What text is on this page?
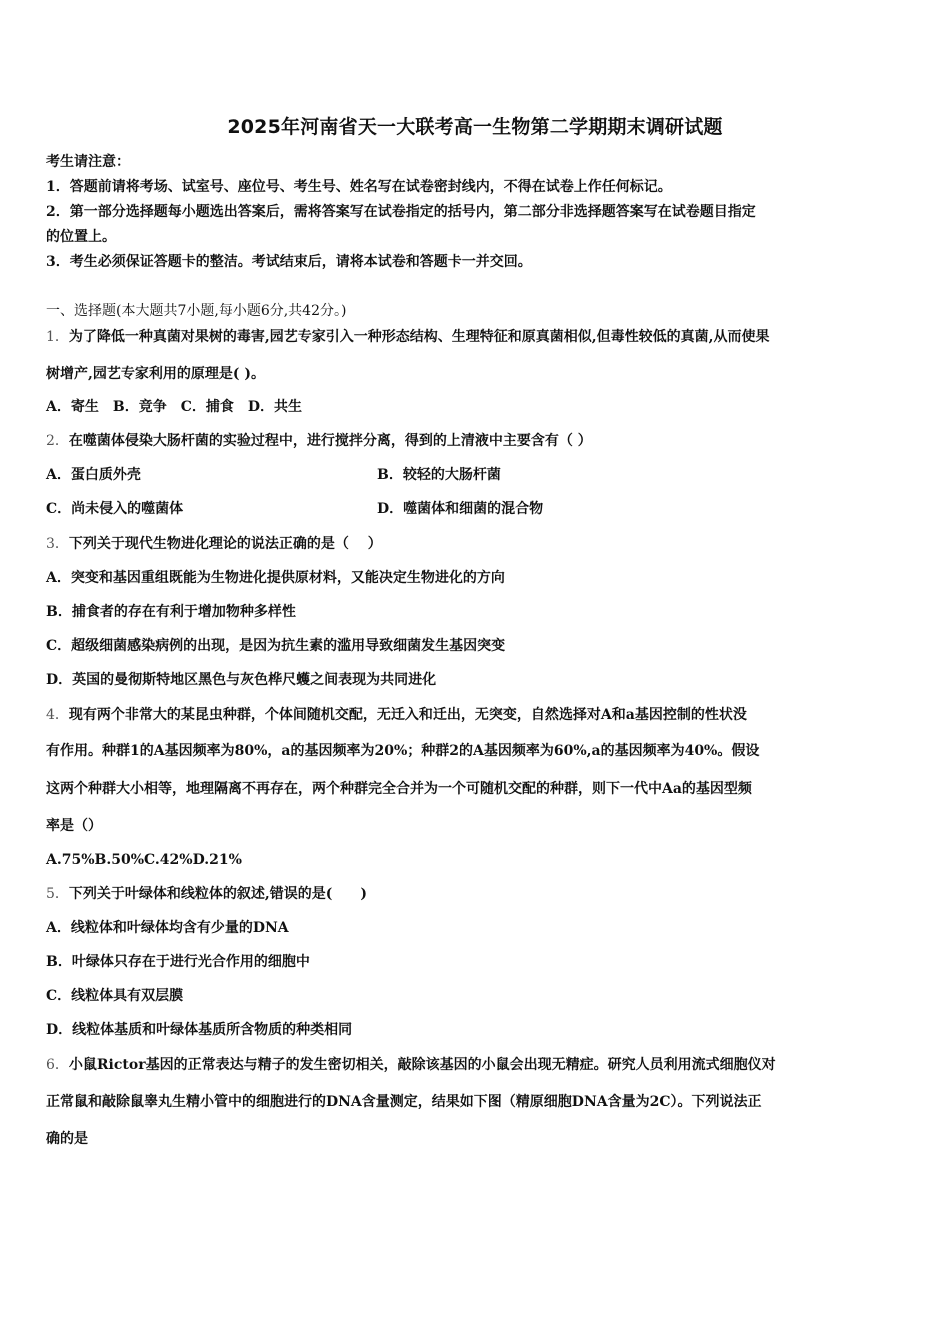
2025年河南省天一大联考高一生物第二学期期末调研试题
考生请注意：
1．答题前请将考场、试室号、座位号、考生号、姓名写在试卷密封线内，不得在试卷上作任何标记。
2．第一部分选择题每小题选出答案后，需将答案写在试卷指定的括号内，第二部分非选择题答案写在试卷题目指定
的位置上。
3．考生必须保证答题卡的整洁。考试结束后，请将本试卷和答题卡一并交回。
一、选择题(本大题共7小题,每小题6分,共42分。)
1．为了降低一种真菌对果树的毒害,园艺专家引入一种形态结构、生理特征和原真菌相似,但毒性较低的真菌,从而使果
树增产,园艺专家利用的原理是( )。
A．寄生　B．竞争　C．捕食　D．共生
2．在噬菌体侵染大肠杆菌的实验过程中，进行搅拌分离，得到的上清液中主要含有（ ）
A．蛋白质外壳	B．较轻的大肠杆菌
C．尚未侵入的噬菌体	D．噬菌体和细菌的混合物
3．下列关于现代生物进化理论的说法正确的是（　 ）
A．突变和基因重组既能为生物进化提供原材料，又能决定生物进化的方向
B．捕食者的存在有利于增加物种多样性
C．超级细菌感染病例的出现，是因为抗生素的滥用导致细菌发生基因突变
D．英国的曼彻斯特地区黑色与灰色桦尺蠖之间表现为共同进化
4．现有两个非常大的某昆虫种群，个体间随机交配，无迁入和迁出，无突变，自然选择对A和a基因控制的性状没
有作用。种群1的A基因频率为80%，a的基因频率为20%；种群2的A基因频率为60%,a的基因频率为40%。假设
这两个种群大小相等，地理隔离不再存在，两个种群完全合并为一个可随机交配的种群，则下一代中Aa的基因型频
率是（）
A.75%B.50%C.42%D.21%
5．下列关于叶绿体和线粒体的叙述,错误的是(　　)
A．线粒体和叶绿体均含有少量的DNA
B．叶绿体只存在于进行光合作用的细胞中
C．线粒体具有双层膜
D．线粒体基质和叶绿体基质所含物质的种类相同
6．小鼠Rictor基因的正常表达与精子的发生密切相关，敲除该基因的小鼠会出现无精症。研究人员利用流式细胞仪对
正常鼠和敲除鼠睾丸生精小管中的细胞进行的DNA含量测定，结果如下图（精原细胞DNA含量为2C）。下列说法正
确的是
